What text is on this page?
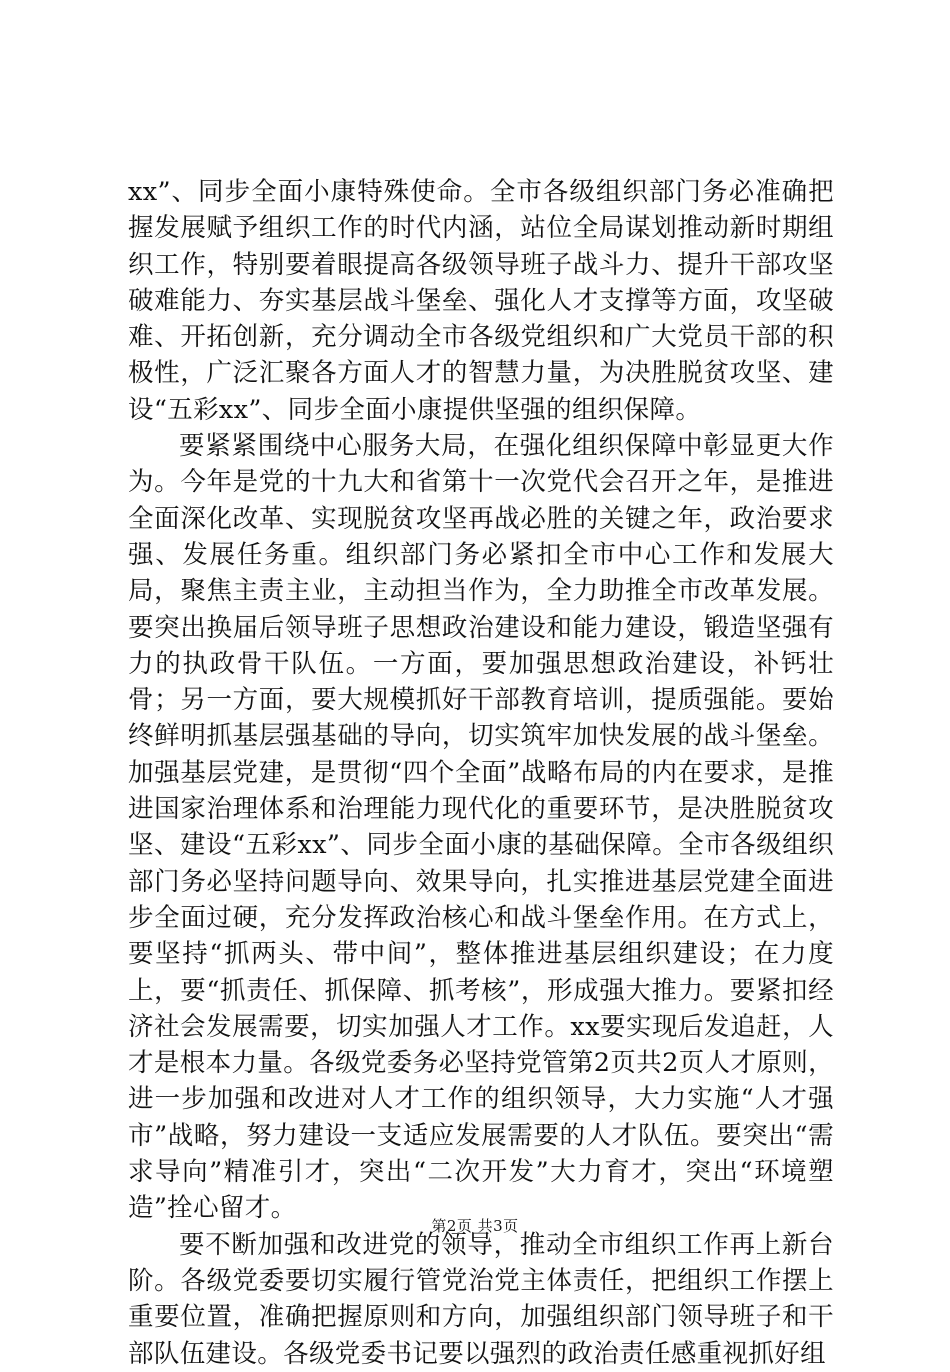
xx”、同步全面小康特殊使命。全市各级组织部门务必准确把握发展赋予组织工作的时代内涵，站位全局谋划推动新时期组织工作，特别要着眼提高各级领导班子战斗力、提升干部攻坚破难能力、夯实基层战斗堡垒、强化人才支撑等方面，攻坚破难、开拓创新，充分调动全市各级党组织和广大党员干部的积极性，广泛汇聚各方面人才的智慧力量，为决胜脱贫攻坚、建设“五彩xx”、同步全面小康提供坚强的组织保障。

要紧紧围绕中心服务大局，在强化组织保障中彰显更大作为。今年是党的十九大和省第十一次党代会召开之年，是推进全面深化改革、实现脱贫攻坚再战必胜的关键之年，政治要求强、发展任务重。组织部门务必紧扣全市中心工作和发展大局，聚焦主责主业，主动担当作为，全力助推全市改革发展。要突出换届后领导班子思想政治建设和能力建设，锻造坚强有力的执政骨干队伍。一方面，要加强思想政治建设，补钙壮骨；另一方面，要大规模抓好干部教育培训，提质强能。要始终鲜明抓基层强基础的导向，切实筑牢加快发展的战斗堡垒。加强基层党建，是贯彻“四个全面”战略布局的内在要求，是推进国家治理体系和治理能力现代化的重要环节，是决胜脱贫攻坚、建设“五彩xx”、同步全面小康的基础保障。全市各级组织部门务必坚持问题导向、效果导向，扎实推进基层党建全面进步全面过硬，充分发挥政治核心和战斗堡垒作用。在方式上，要坚持“抓两头、带中间”，整体推进基层组织建设；在力度上，要“抓责任、抓保障、抓考核”，形成强大推力。要紧扣经济社会发展需要，切实加强人才工作。xx要实现后发追赶，人才是根本力量。各级党委务必坚持党管第2页共2页人才原则，进一步加强和改进对人才工作的组织领导，大力实施“人才强市”战略，努力建设一支适应发展需要的人才队伍。要突出“需求导向”精准引才，突出“二次开发”大力育才，突出“环境塑造”拴心留才。

要不断加强和改进党的领导，推动全市组织工作再上新台阶。各级党委要切实履行管党治党主体责任，把组织工作摆上重要位置，准确把握原则和方向，加强组织部门领导班子和干部队伍建设。各级党委书记要以强烈的政治责任感重视抓好组

第2页 共3页
